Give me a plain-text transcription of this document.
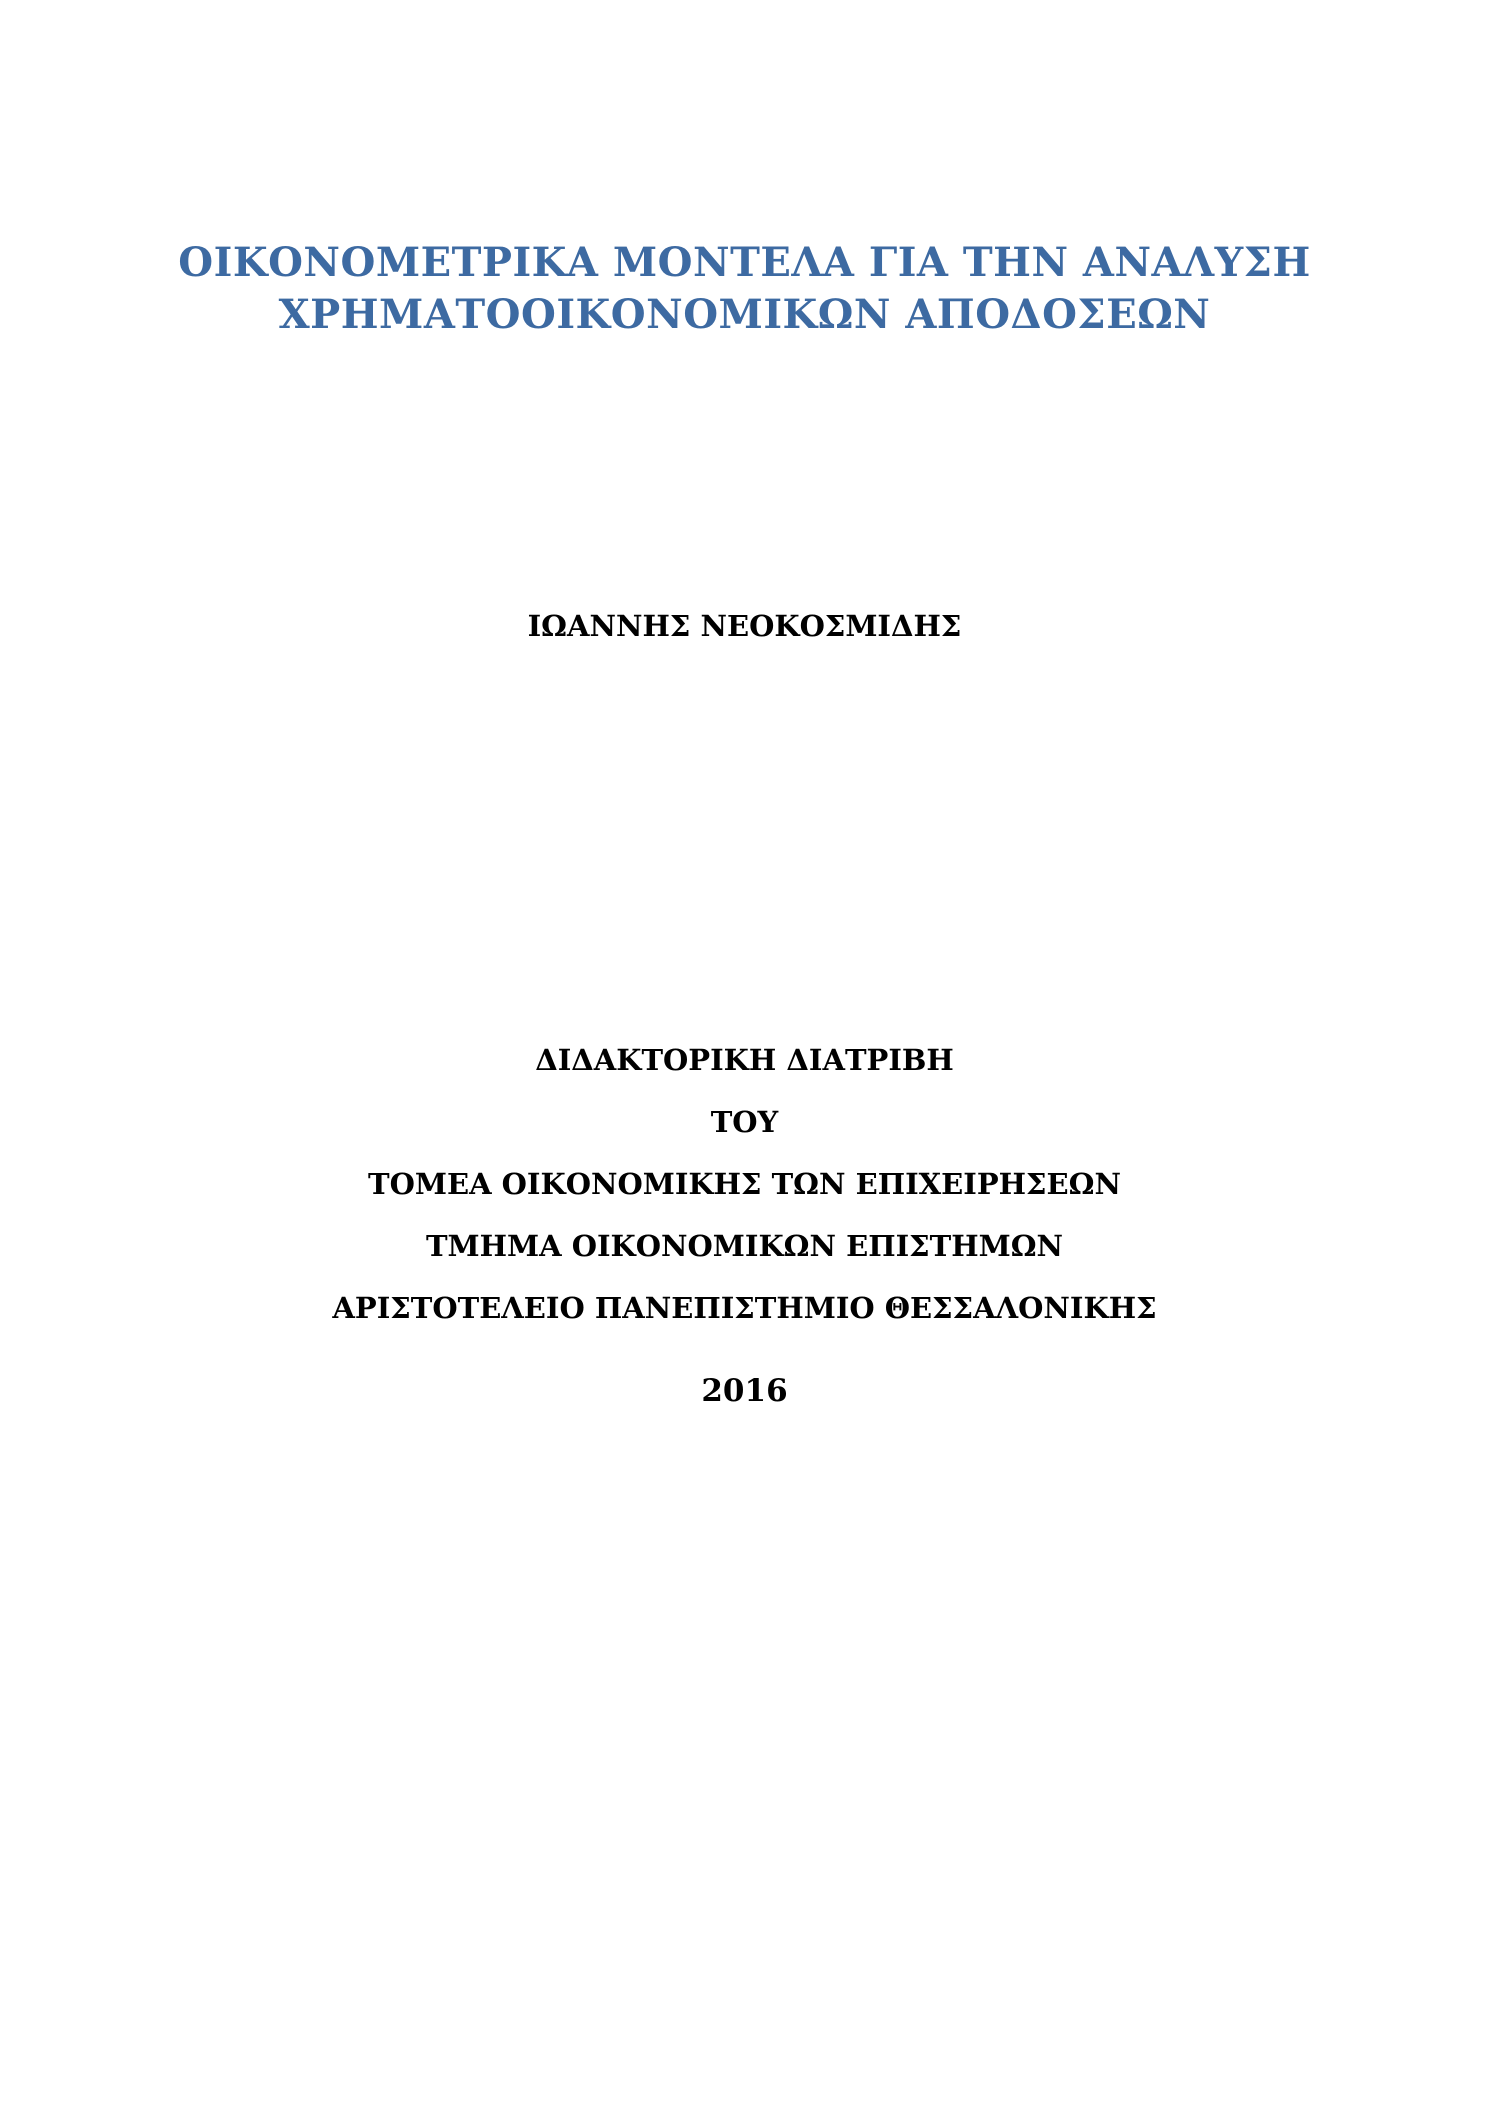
ΟΙΚΟΝΟΜΕΤΡΙΚΑ ΜΟΝΤΕΛΑ ΓΙΑ ΤΗΝ ΑΝΑΛΥΣΗ
ΧΡΗΜΑΤΟΟΙΚΟΝΟΜΙΚΩΝ ΑΠΟΔΟΣΕΩΝ
ΙΩΑΝΝΗΣ ΝΕΟΚΟΣΜΙΔΗΣ
ΔΙΔΑΚΤΟΡΙΚΗ ΔΙΑΤΡΙΒΗ
ΤΟΥ
ΤΟΜΕΑ ΟΙΚΟΝΟΜΙΚΗΣ ΤΩΝ ΕΠΙΧΕΙΡΗΣΕΩΝ
ΤΜΗΜΑ ΟΙΚΟΝΟΜΙΚΩΝ ΕΠΙΣΤΗΜΩΝ
ΑΡΙΣΤΟΤΕΛΕΙΟ ΠΑΝΕΠΙΣΤΗΜΙΟ ΘΕΣΣΑΛΟΝΙΚΗΣ
2016
